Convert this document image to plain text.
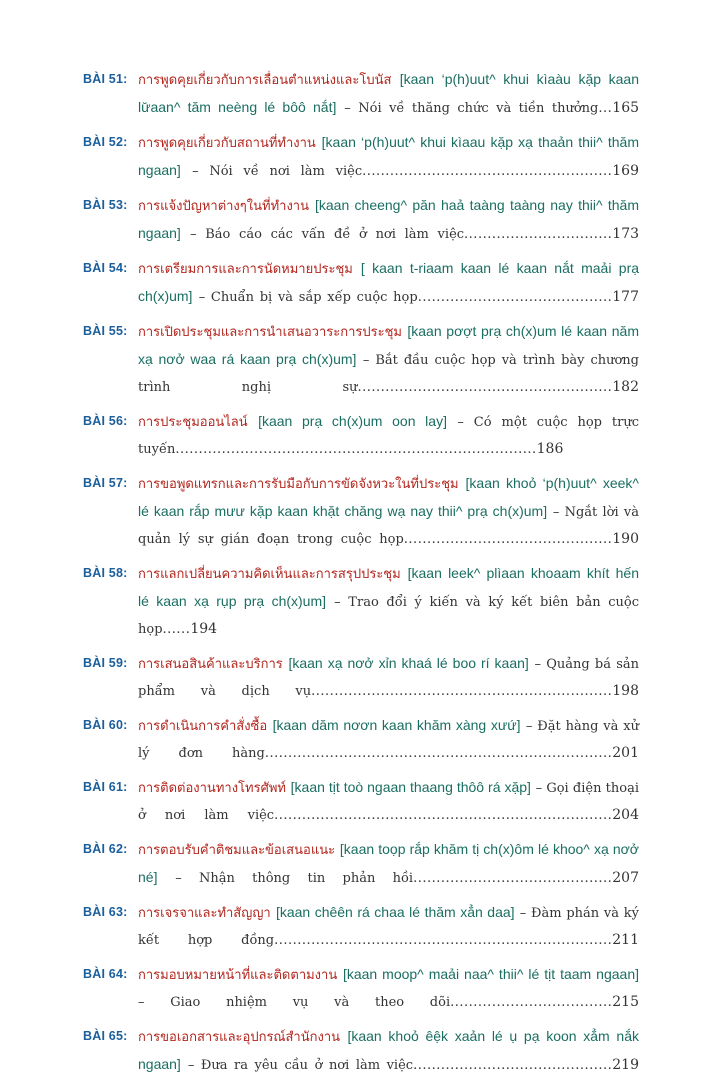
BÀI 51: การพูดคุยเกี่ยวกับการเลื่อนตำแหน่งและโบนัส [kaan ‘p(h)uut^ khui kìaàu kặp kaan lư̆aan^ tăm neèng lé bôô nắt] – Nói về thăng chức và tiền thưởng...165
BÀI 52: การพูดคุยเกี่ยวกับสถานที่ทำงาน [kaan ‘p(h)uut^ khui kìaau kặp xạ thaản thii^ thăm ngaan] – Nói về nơi làm việc......................................................169
BÀI 53: การแจ้งปัญหาต่างๆในที่ทำงาน [kaan cheeng^ păn haả taàng taàng nay thii^ thăm ngaan] – Báo cáo các vấn đề ở nơi làm việc................................173
BÀI 54: การเตรียมการและการนัดหมายประชุม [ kaan t-riaam kaan lé kaan nắt maải prạ ch(x)um] – Chuẩn bị và sắp xếp cuộc họp..........................................177
BÀI 55: การเปิดประชุมและการนำเสนอวาระการประชุม [kaan pơợt prạ ch(x)um lé kaan năm xạ nơở waa rá kaan prạ ch(x)um] – Bắt đầu cuộc họp và trình bày chương trình nghị sự.......................................................182
BÀI 56: การประชุมออนไลน์ [kaan prạ ch(x)um oon lay] – Có một cuộc họp trực tuyến..............................................................................186
BÀI 57: การขอพูดแทรกและการรับมือกับการขัดจังหวะในที่ประชุม [kaan khoỏ ‘p(h)uut^ xeek^ lé kaan rắp mưư kặp kaan khặt chăng wạ nay thii^ prạ ch(x)um] – Ngắt lời và quản lý sự gián đoạn trong cuộc họp.............................................190
BÀI 58: การแลกเปลี่ยนความคิดเห็นและการสรุปประชุม [kaan leek^ plìaan khoaam khít hến lé kaan xạ rụp prạ ch(x)um] – Trao đổi ý kiến và ký kết biên bản cuộc họp......194
BÀI 59: การเสนอสินค้าและบริการ [kaan xạ nơở xỉn khaá lé boo rí kaan] – Quảng bá sản phẩm và dịch vụ.................................................................198
BÀI 60: การดำเนินการคำสั่งซื้อ [kaan dăm nơơn kaan khăm xàng xưứ] – Đặt hàng và xử lý đơn hàng...........................................................................201
BÀI 61: การติดต่องานทางโทรศัพท์ [kaan tịt toò ngaan thaang thôô rá xặp] – Gọi điện thoại ở nơi làm việc.........................................................................204
BÀI 62: การตอบรับคำติชมและข้อเสนอแนะ [kaan toọp rắp khăm tị ch(x)ôm lé khoo^ xạ nơở né] – Nhận thông tin phản hồi...........................................207
BÀI 63: การเจรจาและทำสัญญา [kaan chêên rá chaa lé thăm xẳn daa] – Đàm phán và ký kết hợp đồng.........................................................................211
BÀI 64: การมอบหมายหน้าที่และติดตามงาน [kaan moop^ maải naa^ thii^ lé tịt taam ngaan] – Giao nhiệm vụ và theo dõi...................................215
BÀI 65: การขอเอกสารและอุปกรณ์สำนักงาน [kaan khoỏ êệk xaản lé ụ pạ koon xẳm nắk ngaan] – Đưa ra yêu cầu ở nơi làm việc...........................................219
